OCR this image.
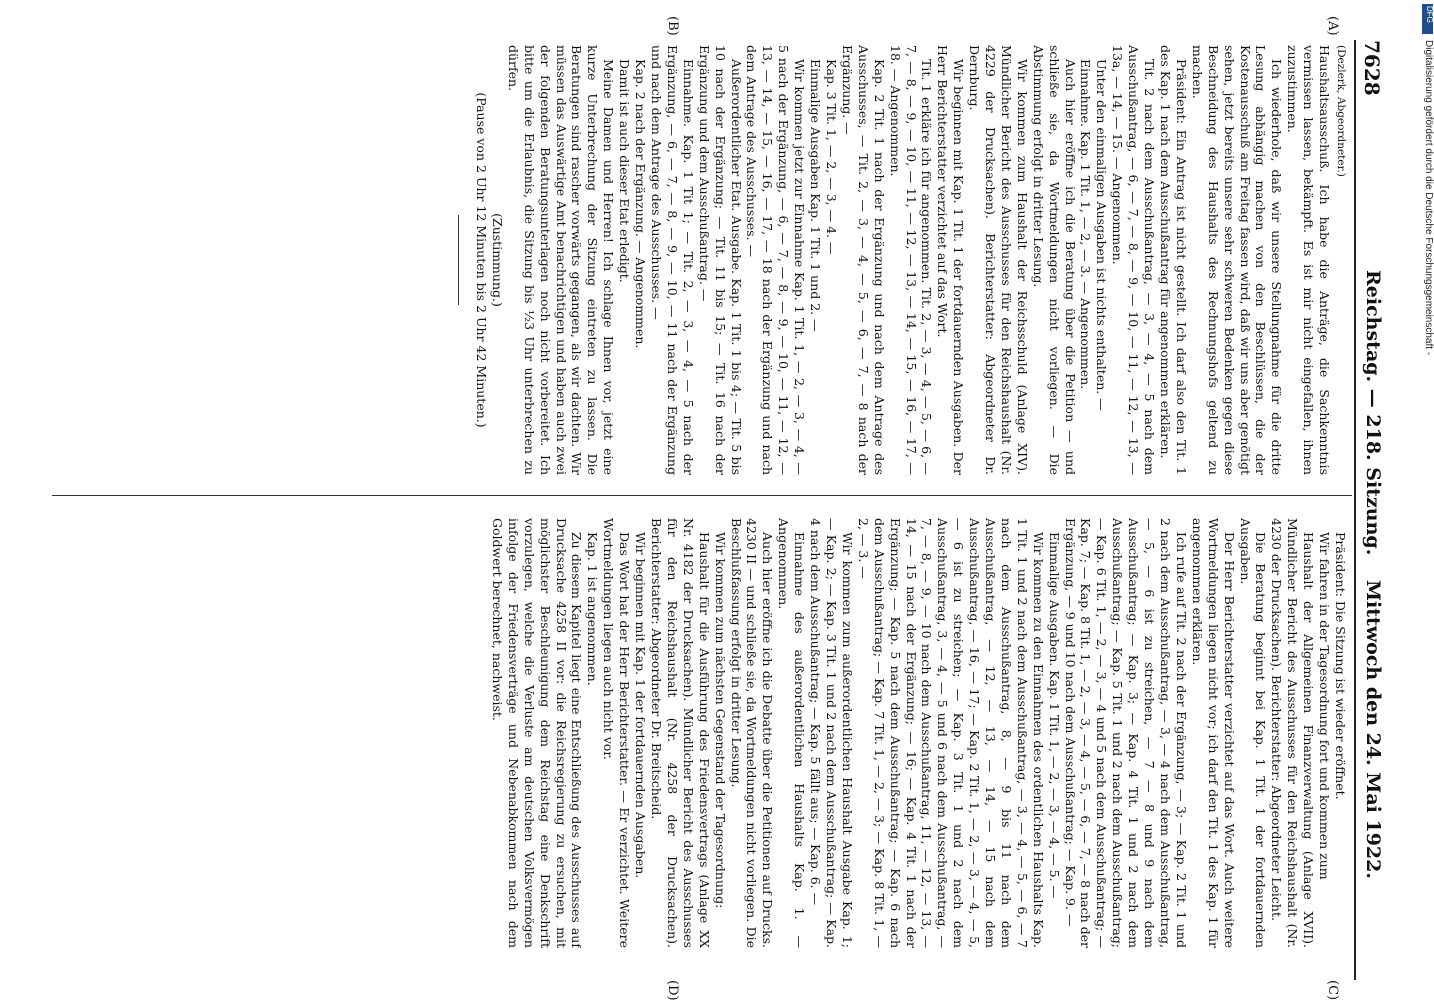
7628
Reichstag. — 218. Sitzung.
Mittwoch den 24. Mai 1922.
(A)
(B)
(C)
(D)

(Dezlerk, Abgeordneter.)

Haushaltsausschuß. Ich habe die Anträge, die Sachkenntnis vermissen lassen, bekämpft. Es ist mir nicht eingefallen, ihnen zuzustimmen.

Ich wiederhole, daß wir unsere Stellungnahme für die dritte Lesung abhängig machen von den Beschlüssen, die der Kostenausschuß am Freitag fassen wird, daß wir uns aber genötigt sehen, jetzt bereits unsere sehr schweren Bedenken gegen diese Beschneidung des Haushalts des Rechnungshofs geltend zu machen.

Präsident: Ein Antrag ist nicht gestellt. Ich darf also den Tit. 1 des Kap. 1 nach dem Ausschußantrag für angenommen erklären.

Tit. 2 nach dem Ausschußantrag, — 3, — 4, — 5 nach dem Ausschußantrag, — 6, — 7, — 8, — 9, — 10, — 11, — 12, — 13, — 13a, — 14, — 15. — Angenommen.

Unter den einmaligen Ausgaben ist nichts enthalten. —

Einnahme. Kap. 1 Tit. 1, — 2, — 3. — Angenommen.

Auch hier eröffne ich die Beratung über die Petition — und schließe sie, da Wortmeldungen nicht vorliegen. — Die Abstimmung erfolgt in dritter Lesung.

Wir kommen zum Haushalt der Reichsschuld (Anlage XIV). Mündlicher Bericht des Ausschusses für den Reichshaushalt (Nr. 4229 der Drucksachen). Berichterstatter: Abgeordneter Dr. Dernburg.

Wir beginnen mit Kap. 1 Tit. 1 der fortdauernden Ausgaben. Der Herr Berichterstatter verzichtet auf das Wort.

Tit. 1 erkläre ich für angenommen. Tit. 2, — 3, — 4, — 5, — 6, — 7, — 8, — 9, — 10, — 11, — 12, — 13, — 14, — 15, — 16, — 17, — 18. — Angenommen.

Kap. 2 Tit. 1 nach der Ergänzung und nach dem Antrage des Ausschusses, — Tit. 2, — 3, — 4, — 5, — 6, — 7, — 8 nach der Ergänzung. —

Kap. 3 Tit. 1, — 2, — 3, — 4. —

Einmalige Ausgaben Kap. 1 Tit. 1 und 2. —

Wir kommen jetzt zur Einnahme Kap. 1 Tit. 1, — 2, — 3, — 4, — 5 nach der Ergänzung, — 6, — 7, — 8, — 9, — 10, — 11, — 12, — 13, — 14, — 15, — 16, — 17, — 18 nach der Ergänzung und nach dem Antrage des Ausschusses. —

Außerordentlicher Etat. Ausgabe. Kap. 1 Tit. 1 bis 4; — Tit. 5 bis 10 nach der Ergänzung; — Tit. 11 bis 15; — Tit. 16 nach der Ergänzung und dem Ausschußantrag. —

Einnahme. Kap. 1 Tit 1; — Tit. 2, — 3, — 4, — 5 nach der Ergänzung, — 6, — 7, — 8, — 9, — 10, — 11 nach der Ergänzung und nach dem Antrage des Ausschusses. —

Kap. 2 nach der Ergänzung. — Angenommen.

Damit ist auch dieser Etat erledigt.

Meine Damen und Herren! Ich schlage Ihnen vor, jetzt eine kurze Unterbrechung der Sitzung eintreten zu lassen. Die Beratungen sind rascher vorwärts gegangen, als wir dachten. Wir müssen das Auswärtige Amt benachrichtigen und haben auch zwei der folgenden Beratungsunterlagen noch nicht vorbereitet. Ich bitte um die Erlaubnis, die Sitzung bis ½3 Uhr unterbrechen zu dürfen.

(Zustimmung.)

(Pause von 2 Uhr 12 Minuten bis 2 Uhr 42 Minuten.)

Präsident: Die Sitzung ist wieder eröffnet.

Wir fahren in der Tagesordnung fort und kommen zum

Haushalt der Allgemeinen Finanzverwaltung (Anlage XVII). Mündlicher Bericht des Ausschusses für den Reichshaushalt (Nr. 4230 der Drucksachen). Berichterstatter: Abgeordneter Leicht.

Die Beratung beginnt bei Kap. 1 Tit. 1 der fortdauernden Ausgaben.

Der Herr Berichterstatter verzichtet auf das Wort. Auch weitere Wortmeldungen liegen nicht vor; ich darf den Tit. 1 des Kap. 1 für angenommen erklären.

Ich rufe auf Tit. 2 nach der Ergänzung, — 3; — Kap. 2 Tit. 1 und 2 nach dem Ausschußantrag, — 3, — 4 nach dem Ausschußantrag, — 5, — 6 ist zu streichen, — 7 — 8 und 9 nach dem Ausschußantrag; — Kap. 3; — Kap. 4 Tit. 1 und 2 nach dem Ausschußantrag; — Kap. 5 Tit. 1 und 2 nach dem Ausschußantrag; — Kap. 6 Tit. 1, — 2, — 3, — 4 und 5 nach dem Ausschußantrag; — Kap. 7; — Kap. 8 Tit. 1, — 2, — 3, — 4, — 5, — 6, — 7, — 8 nach der Ergänzung, — 9 und 10 nach dem Ausschußantrag; — Kap. 9. —

Einmalige Ausgaben. Kap. 1 Tit. 1, — 2, — 3, — 4, — 5. —

Wir kommen zu den Einnahmen des ordentlichen Haushalts Kap. 1 Tit. 1 und 2 nach dem Ausschußantrag, — 3, — 4, — 5, — 6, — 7 nach dem Ausschußantrag, 8, — 9 bis 11 nach dem Ausschußantrag, — 12, — 13, — 14, — 15 nach dem Ausschußantrag, — 16, — 17; — Kap. 2 Tit. 1, — 2, — 3, — 4, — 5, — 6 ist zu streichen; — Kap. 3 Tit. 1 und 2 nach dem Ausschußantrag, 3, — 4, — 5 und 6 nach dem Ausschußantrag, — 7, — 8, — 9, — 10 nach dem Ausschußantrag, 11, — 12, — 13, — 14, — 15 nach der Ergänzung; — 16; — Kap. 4 Tit. 1 nach der Ergänzung; — Kap. 5 nach dem Ausschußantrag; — Kap. 6 nach dem Ausschußantrag; — Kap. 7 Tit. 1, — 2, — 3; — Kap. 8 Tit. 1, — 2, — 3. —

Wir kommen zum außerordentlichen Haushalt Ausgabe Kap. 1; — Kap. 2; — Kap. 3 Tit. 1 und 2 nach dem Ausschußantrag; — Kap. 4 nach dem Ausschußantrag; — Kap. 5 fällt aus; — Kap. 6. —

Einnahme des außerordentlichen Haushalts Kap. 1. — Angenommen.

Auch hier eröffne ich die Debatte über die Petitionen auf Drucks. 4230 II — und schließe sie, da Wortmeldungen nicht vorliegen. Die Beschlußfassung erfolgt in dritter Lesung.

Wir kommen zum nächsten Gegenstand der Tagesordnung:

Haushalt für die Ausführung des Friedensvertrags (Anlage XX Nr. 4182 der Drucksachen). Mündlicher Bericht des Ausschusses für den Reichshaushalt (Nr. 4258 der Drucksachen). Berichterstatter: Abgeordneter Dr. Breitscheid.

Wir beginnen mit Kap. 1 der fortdauernden Ausgaben.

Das Wort hat der Herr Berichterstatter. — Er verzichtet. Weitere Wortmeldungen liegen auch nicht vor.

Kap. 1 ist angenommen.

Zu diesem Kapitel liegt eine Entschließung des Ausschusses auf Drucksache 4258 II vor: die Reichsregierung zu ersuchen, mit möglichster Beschleunigung dem Reichstag eine Denkschrift vorzulegen, welche die Verluste am deutschen Volksvermögen infolge der Friedensverträge und Nebenabkommen nach dem Goldwert berechnet, nachweist.

DFG
Digitalisierung gefördert durch die Deutsche Forschungsgemeinschaft -
